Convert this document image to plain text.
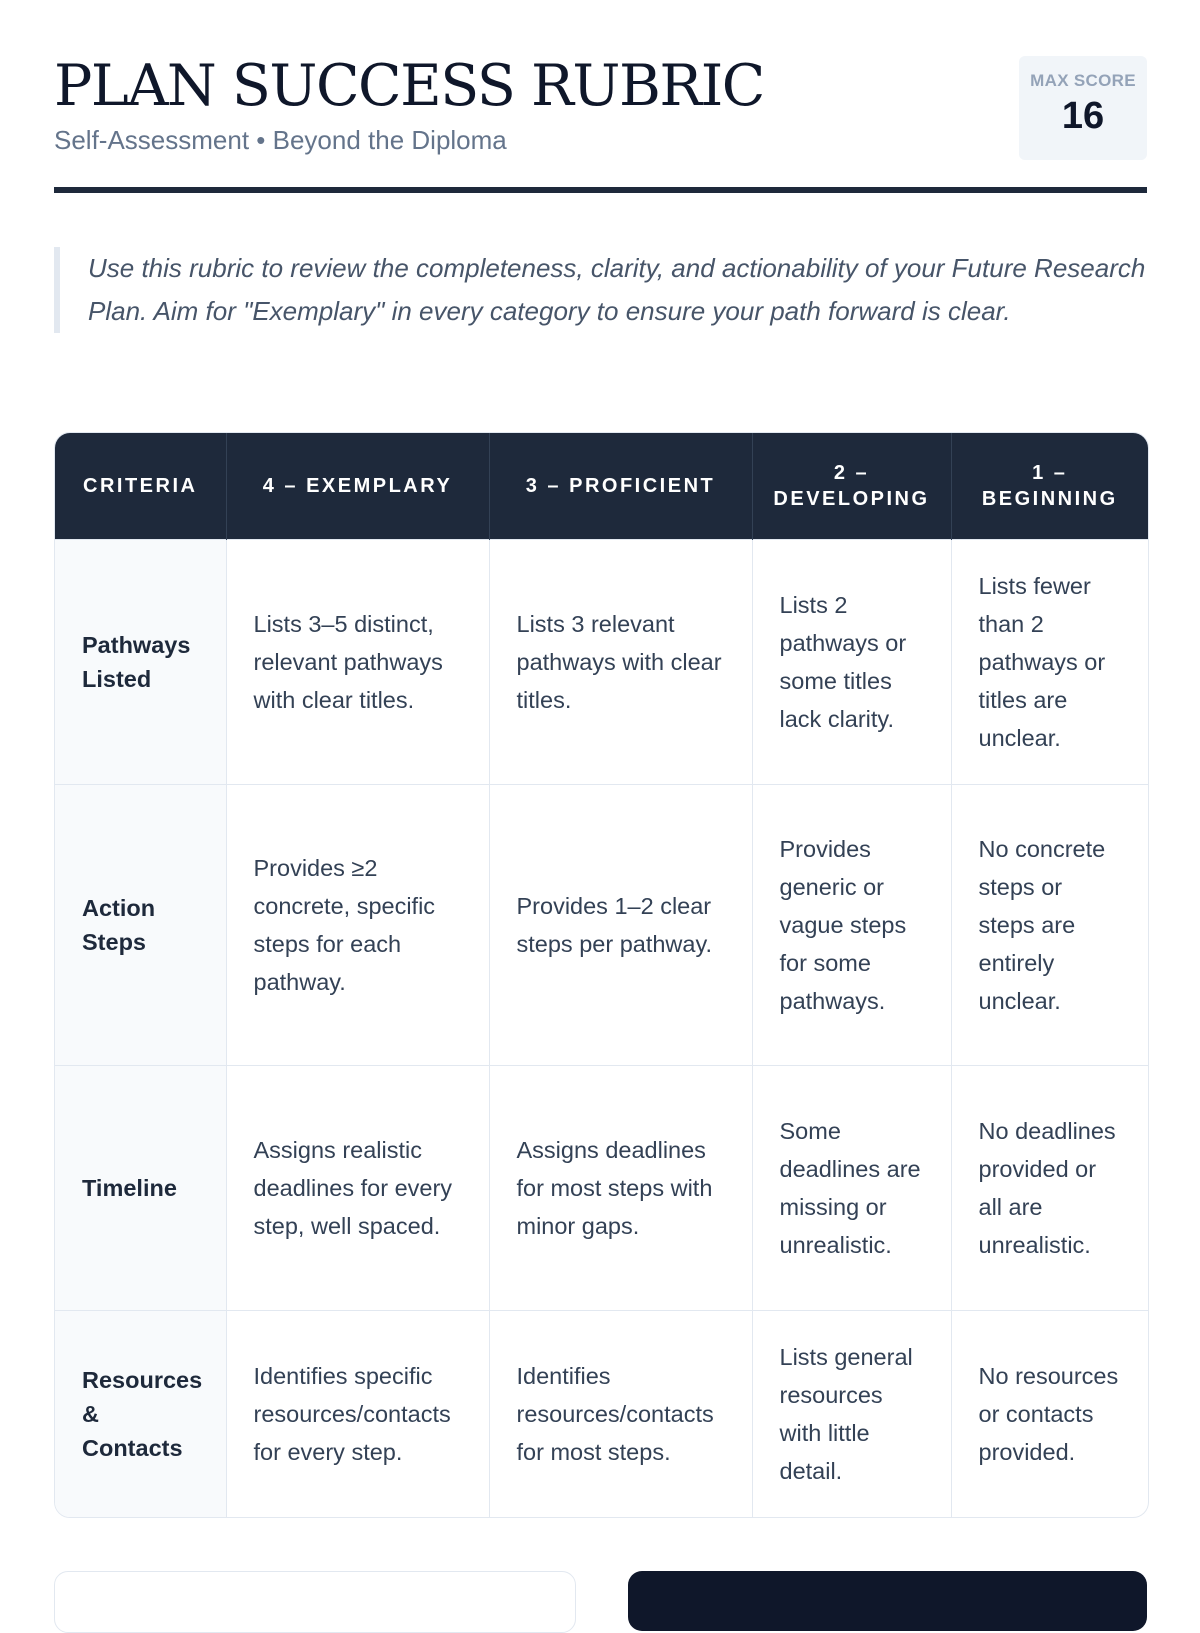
PLAN SUCCESS RUBRIC
Self-Assessment • Beyond the Diploma
MAX SCORE
16
Use this rubric to review the completeness, clarity, and actionability of your Future Research Plan. Aim for "Exemplary" in every category to ensure your path forward is clear.
CRITERIA	4 – EXEMPLARY	3 – PROFICIENT	2 – DEVELOPING	1 – BEGINNING
Pathways Listed	Lists 3–5 distinct, relevant pathways with clear titles.	Lists 3 relevant pathways with clear titles.	Lists 2 pathways or some titles lack clarity.	Lists fewer than 2 pathways or titles are unclear.
Action Steps	Provides ≥2 concrete, specific steps for each pathway.	Provides 1–2 clear steps per pathway.	Provides generic or vague steps for some pathways.	No concrete steps or steps are entirely unclear.
Timeline	Assigns realistic deadlines for every step, well spaced.	Assigns deadlines for most steps with minor gaps.	Some deadlines are missing or unrealistic.	No deadlines provided or all are unrealistic.
Resources & Contacts	Identifies specific resources/contacts for every step.	Identifies resources/contacts for most steps.	Lists general resources with little detail.	No resources or contacts provided.
